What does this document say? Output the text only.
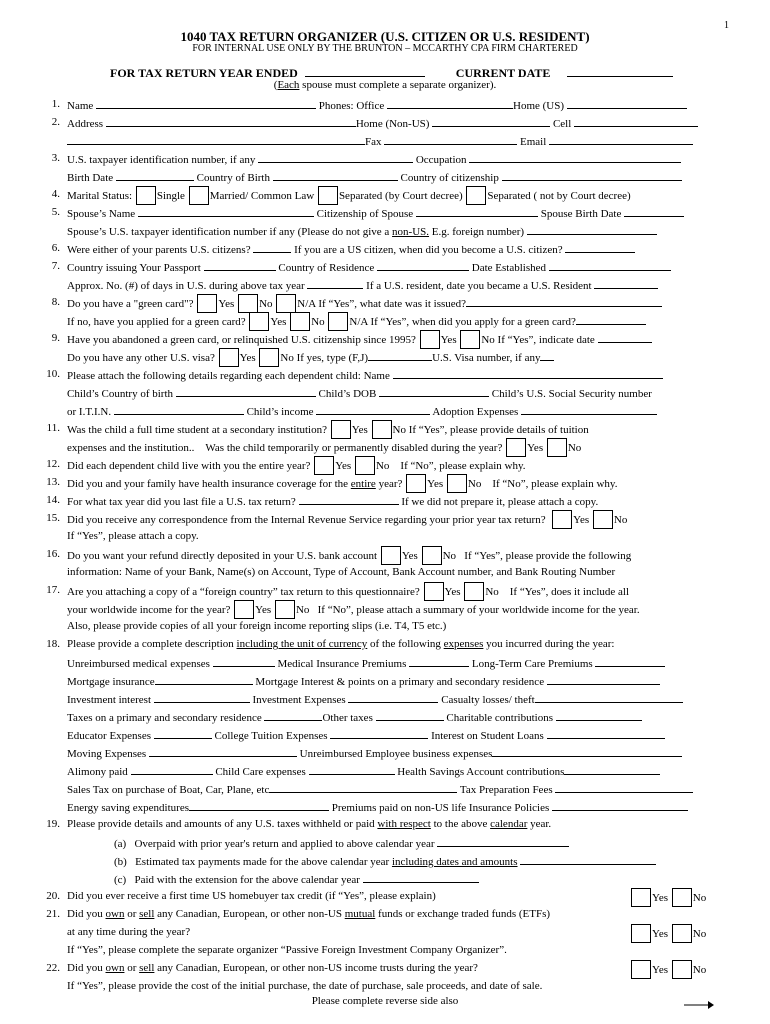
1
1040 TAX RETURN ORGANIZER (U.S. CITIZEN OR U.S. RESIDENT)
FOR INTERNAL USE ONLY BY THE BRUNTON – MCCARTHY CPA FIRM CHARTERED
FOR TAX RETURN YEAR ENDED	CURRENT DATE
(Each spouse must complete a separate organizer).
1. Name	Phones: Office	Home (US)
2. Address	Home (Non-US)	Cell
Fax	Email
3. U.S. taxpayer identification number, if any	Occupation
Birth Date	Country of Birth	Country of citizenship
4. Marital Status: Single Married/ Common Law Separated (by Court decree) Separated ( not by Court decree)
5. Spouse’s Name	Citizenship of Spouse	Spouse Birth Date
Spouse’s U.S. taxpayer identification number if any (Please do not give a non-US. E.g. foreign number)
6. Were either of your parents U.S. citizens?	If you are a US citizen, when did you become a U.S. citizen?
7. Country issuing Your Passport	Country of Residence	Date Established
Approx. No. (#) of days in U.S. during above tax year	If a U.S. resident, date you became a U.S. Resident
8. Do you have a "green card"? Yes No N/A If “Yes”, what date was it issued?
If no, have you applied for a green card? Yes No N/A If “Yes”, when did you apply for a green card?
9. Have you abandoned a green card, or relinquished U.S. citizenship since 1995? Yes No If “Yes”, indicate date
Do you have any other U.S. visa? Yes No If yes, type (F,J)	U.S. Visa number, if any
10. Please attach the following details regarding each dependent child: Name
Child’s Country of birth	Child’s DOB	Child’s U.S. Social Security number
or I.T.I.N.	Child’s income	Adoption Expenses
11. Was the child a full time student at a secondary institution? Yes No If “Yes”, please provide details of tuition
expenses and the institution.. Was the child temporarily or permanently disabled during the year? Yes No
12. Did each dependent child live with you the entire year? Yes No If “No”, please explain why.
13. Did you and your family have health insurance coverage for the entire year? Yes No If “No”, please explain why.
14. For what tax year did you last file a U.S. tax return?	If we did not prepare it, please attach a copy.
15. Did you receive any correspondence from the Internal Revenue Service regarding your prior year tax return?	Yes No
If “Yes”, please attach a copy.
16. Do you want your refund directly deposited in your U.S. bank account Yes No If “Yes”, please provide the following
information: Name of your Bank, Name(s) on Account, Type of Account, Bank Account number, and Bank Routing Number
17. Are you attaching a copy of a “foreign country” tax return to this questionnaire? Yes No If “Yes”, does it include all
your worldwide income for the year? Yes No If “No”, please attach a summary of your worldwide income for the year.
Also, please provide copies of all your foreign income reporting slips (i.e. T4, T5 etc.)
18. Please provide a complete description including the unit of currency of the following expenses you incurred during the year:
Unreimbursed medical expenses	Medical Insurance Premiums	Long-Term Care Premiums
Mortgage insurance	Mortgage Interest & points on a primary and secondary residence
Investment interest	Investment Expenses	Casualty losses/ theft
Taxes on a primary and secondary residence	Other taxes	Charitable contributions
Educator Expenses	College Tuition Expenses	Interest on Student Loans
Moving Expenses	Unreimbursed Employee business expenses
Alimony paid	Child Care expenses	Health Savings Account contributions
Sales Tax on purchase of Boat, Car, Plane, etc	Tax Preparation Fees
Energy saving expenditures	Premiums paid on non-US life Insurance Policies
19. Please provide details and amounts of any U.S. taxes withheld or paid with respect to the above calendar year.
(a) Overpaid with prior year's return and applied to above calendar year
(b) Estimated tax payments made for the above calendar year including dates and amounts
(c) Paid with the extension for the above calendar year
20. Did you ever receive a first time US homebuyer tax credit (if “Yes”, please explain)	Yes No
21. Did you own or sell any Canadian, European, or other non-US mutual funds or exchange traded funds (ETFs)
at any time during the year?	Yes No
If “Yes”, please complete the separate organizer “Passive Foreign Investment Company Organizer”.
22. Did you own or sell any Canadian, European, or other non-US income trusts during the year?	Yes No
If “Yes”, please provide the cost of the initial purchase, the date of purchase, sale proceeds, and date of sale.
Please complete reverse side also
